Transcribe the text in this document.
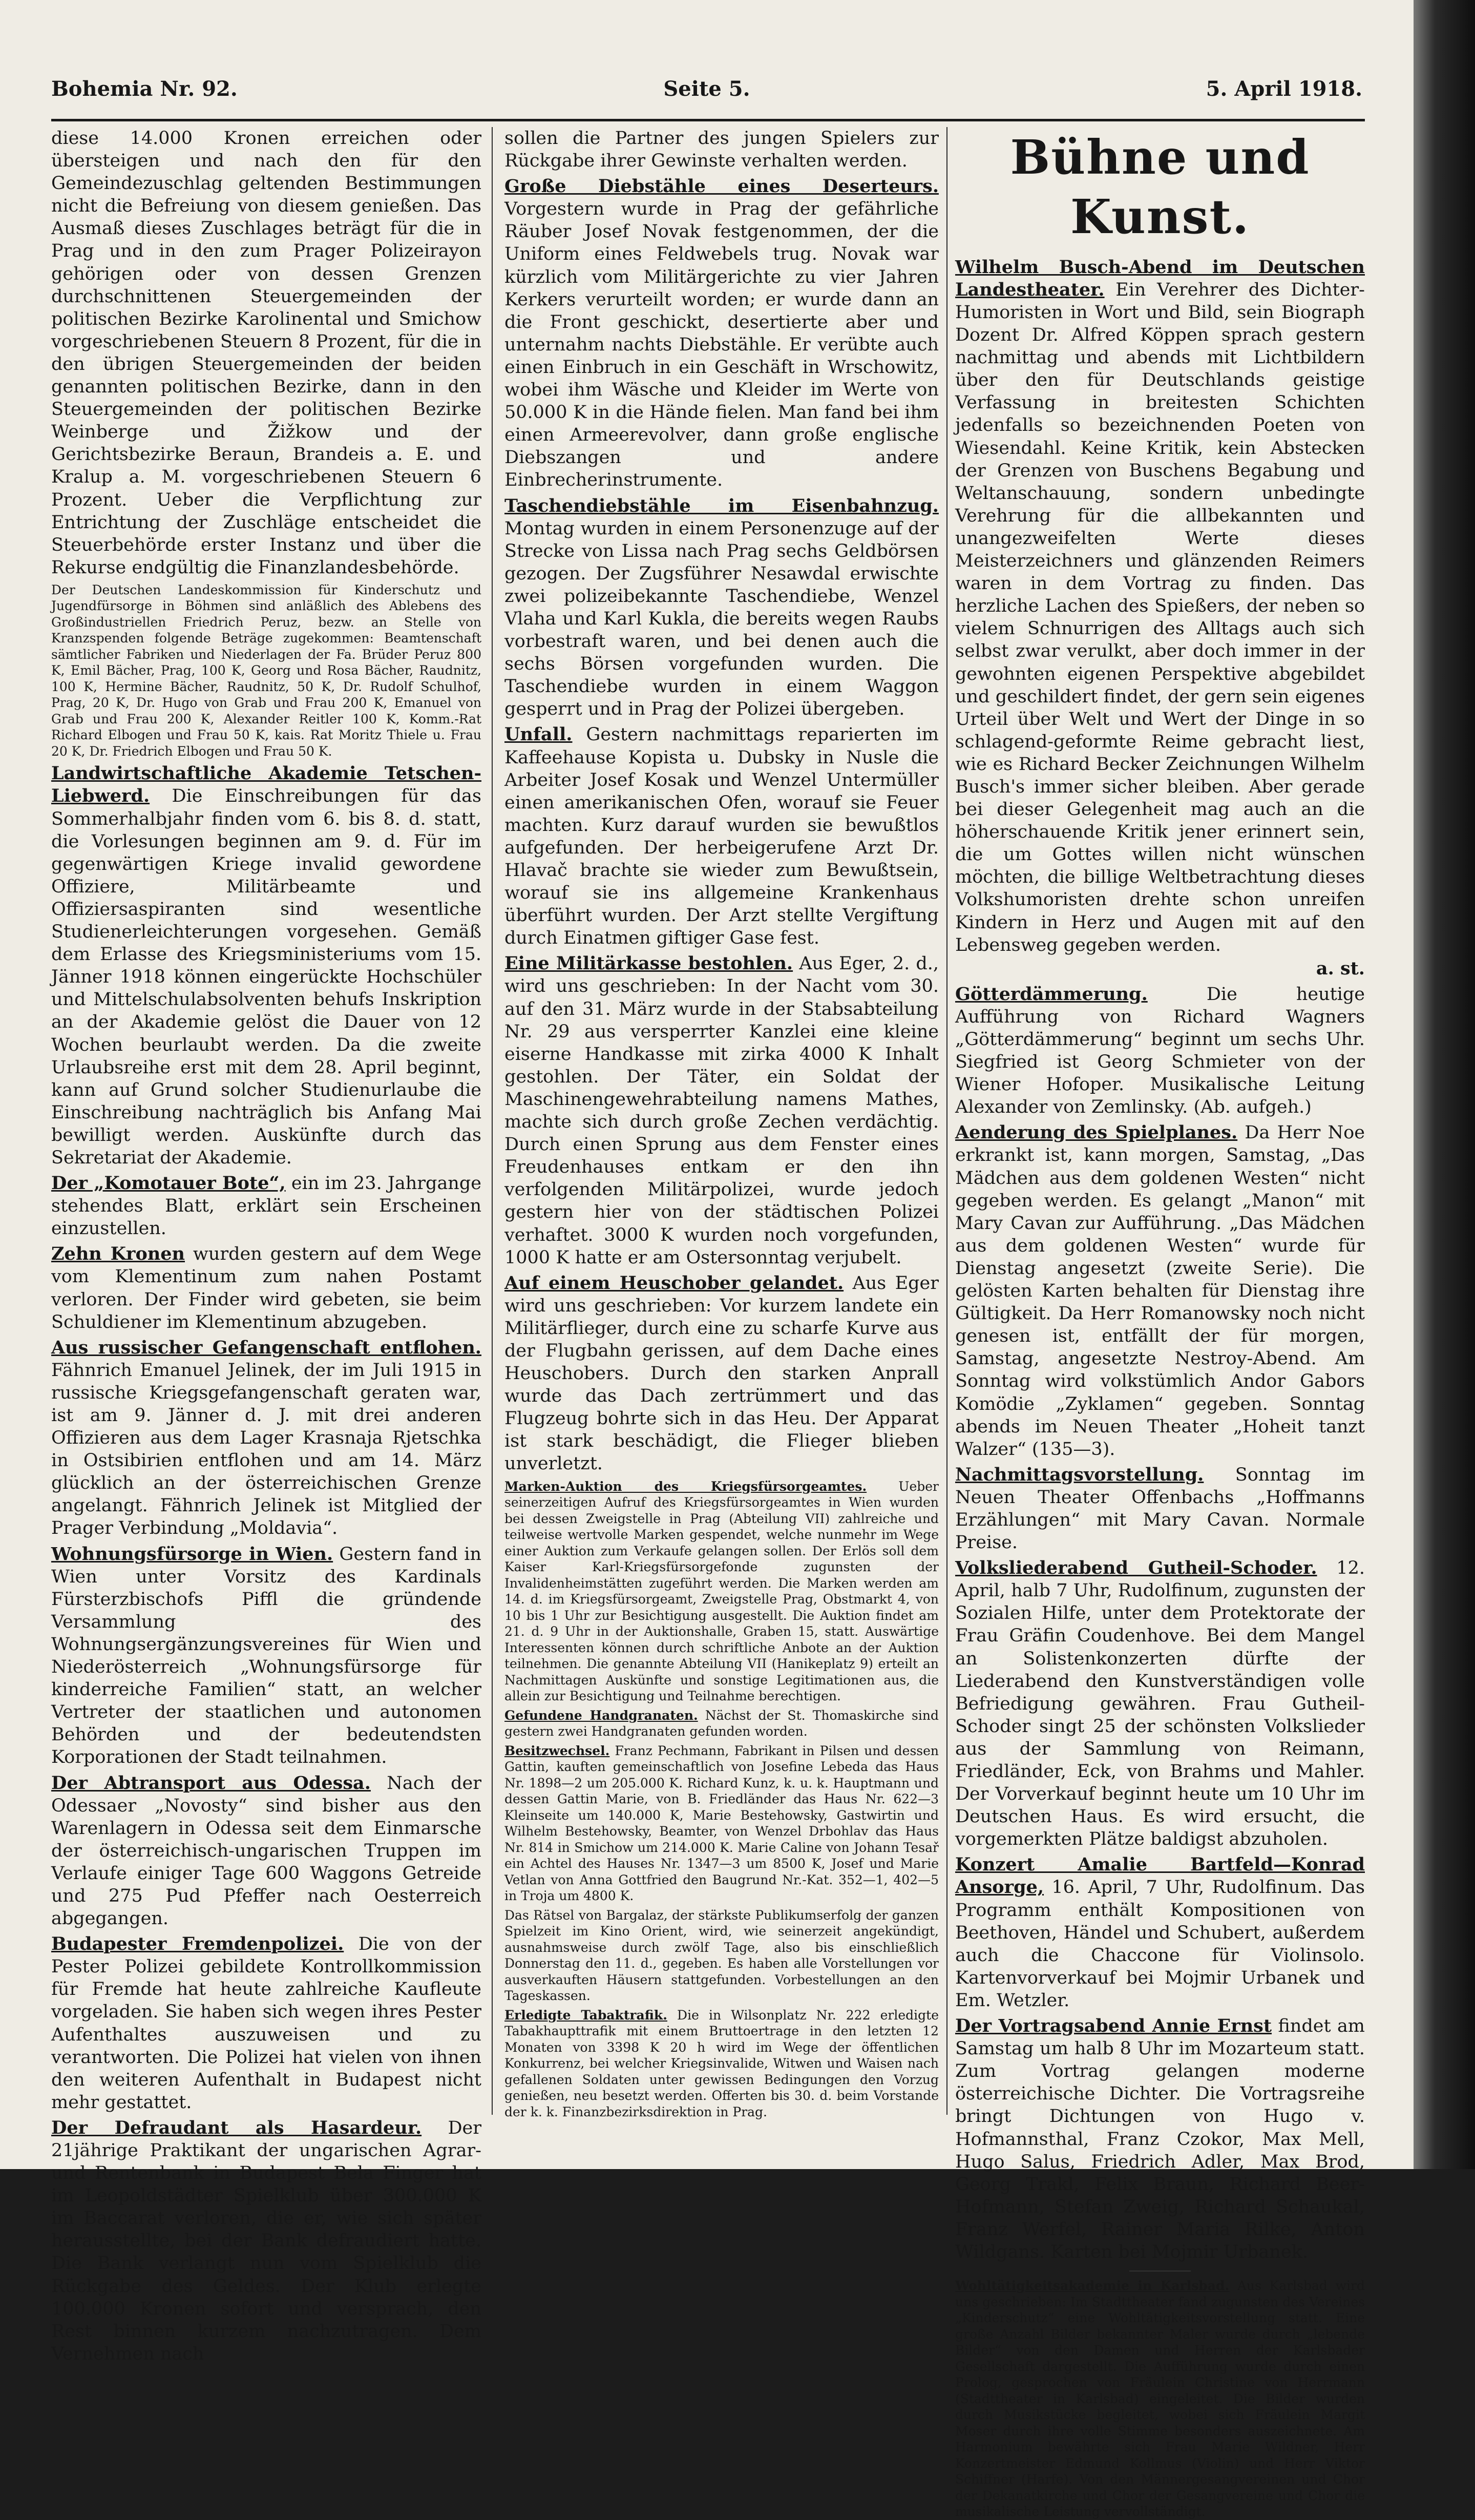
Bohemia Nr. 92.	Seite 5.	5. April 1918.

diese 14.000 Kronen erreichen oder übersteigen und nach den für den Gemeindezuschlag geltenden Bestimmungen nicht die Befreiung von diesem genießen. Das Ausmaß dieses Zuschlages beträgt für die in Prag und in den zum Prager Polizeirayon gehörigen oder von dessen Grenzen durchschnittenen Steuergemeinden der politischen Bezirke Karolinental und Smichow vorgeschriebenen Steuern 8 Prozent, für die in den übrigen Steuergemeinden der beiden genannten politischen Bezirke, dann in den Steuergemeinden der politischen Bezirke Weinberge und Žižkow und der Gerichtsbezirke Beraun, Brandeis a. E. und Kralup a. M. vorgeschriebenen Steuern 6 Prozent. Ueber die Verpflichtung zur Entrichtung der Zuschläge entscheidet die Steuerbehörde erster Instanz und über die Rekurse endgültig die Finanzlandesbehörde.

Der Deutschen Landeskommission für Kinderschutz und Jugendfürsorge in Böhmen sind anläßlich des Ablebens des Großindustriellen Friedrich Peruz, bezw. an Stelle von Kranzspenden folgende Beträge zugekommen: Beamtenschaft sämtlicher Fabriken und Niederlagen der Fa. Brüder Peruz 800 K, Emil Bächer, Prag, 100 K, Georg und Rosa Bächer, Raudnitz, 100 K, Hermine Bächer, Raudnitz, 50 K, Dr. Rudolf Schulhof, Prag, 20 K, Dr. Hugo von Grab und Frau 200 K, Emanuel von Grab und Frau 200 K, Alexander Reitler 100 K, Komm.-Rat Richard Elbogen und Frau 50 K, kais. Rat Moritz Thiele u. Frau 20 K, Dr. Friedrich Elbogen und Frau 50 K.

Landwirtschaftliche Akademie Tetschen-Liebwerd. Die Einschreibungen für das Sommerhalbjahr finden vom 6. bis 8. d. statt, die Vorlesungen beginnen am 9. d. Für im gegenwärtigen Kriege invalid gewordene Offiziere, Militärbeamte und Offiziersaspiranten sind wesentliche Studienerleichterungen vorgesehen. Gemäß dem Erlasse des Kriegsministeriums vom 15. Jänner 1918 können eingerückte Hochschüler und Mittelschulabsolventen behufs Inskription an der Akademie gelöst die Dauer von 12 Wochen beurlaubt werden. Da die zweite Urlaubsreihe erst mit dem 28. April beginnt, kann auf Grund solcher Studienurlaube die Einschreibung nachträglich bis Anfang Mai bewilligt werden. Auskünfte durch das Sekretariat der Akademie.

Der „Komotauer Bote“, ein im 23. Jahrgange stehendes Blatt, erklärt sein Erscheinen einzustellen.

Zehn Kronen wurden gestern auf dem Wege vom Klementinum zum nahen Postamt verloren. Der Finder wird gebeten, sie beim Schuldiener im Klementinum abzugeben.

Aus russischer Gefangenschaft entflohen. Fähnrich Emanuel Jelinek, der im Juli 1915 in russische Kriegsgefangenschaft geraten war, ist am 9. Jänner d. J. mit drei anderen Offizieren aus dem Lager Krasnaja Rjetschka in Ostsibirien entflohen und am 14. März glücklich an der österreichischen Grenze angelangt. Fähnrich Jelinek ist Mitglied der Prager Verbindung „Moldavia“.

Wohnungsfürsorge in Wien. Gestern fand in Wien unter Vorsitz des Kardinals Fürsterzbischofs Piffl die gründende Versammlung des Wohnungsergänzungsvereines für Wien und Niederösterreich „Wohnungsfürsorge für kinderreiche Familien“ statt, an welcher Vertreter der staatlichen und autonomen Behörden und der bedeutendsten Korporationen der Stadt teilnahmen.

Der Abtransport aus Odessa. Nach der Odessaer „Novosty“ sind bisher aus den Warenlagern in Odessa seit dem Einmarsche der österreichisch-ungarischen Truppen im Verlaufe einiger Tage 600 Waggons Getreide und 275 Pud Pfeffer nach Oesterreich abgegangen.

Budapester Fremdenpolizei. Die von der Pester Polizei gebildete Kontrollkommission für Fremde hat heute zahlreiche Kaufleute vorgeladen. Sie haben sich wegen ihres Pester Aufenthaltes auszuweisen und zu verantworten. Die Polizei hat vielen von ihnen den weiteren Aufenthalt in Budapest nicht mehr gestattet.

Der Defraudant als Hasardeur. Der 21jährige Praktikant der ungarischen Agrar- und Rentenbank in Budapest Bela Finger hat im Leopoldstädter Spielklub über 300.000 K im Baccarat verloren, die er, wie sich später herausstellte, bei der Bank defraudiert hatte. Die Bank verlangt nun vom Spielklub die Rückgabe des Geldes. Der Klub erlegte 100.000 Kronen sofort und versprach, den Rest binnen kurzem nachzutragen. Dem Vernehmen nach

sollen die Partner des jungen Spielers zur Rückgabe ihrer Gewinste verhalten werden.

Große Diebstähle eines Deserteurs. Vorgestern wurde in Prag der gefährliche Räuber Josef Novak festgenommen, der die Uniform eines Feldwebels trug. Novak war kürzlich vom Militärgerichte zu vier Jahren Kerkers verurteilt worden; er wurde dann an die Front geschickt, desertierte aber und unternahm nachts Diebstähle. Er verübte auch einen Einbruch in ein Geschäft in Wrschowitz, wobei ihm Wäsche und Kleider im Werte von 50.000 K in die Hände fielen. Man fand bei ihm einen Armeerevolver, dann große englische Diebszangen und andere Einbrecherinstrumente.

Taschendiebstähle im Eisenbahnzug. Montag wurden in einem Personenzuge auf der Strecke von Lissa nach Prag sechs Geldbörsen gezogen. Der Zugsführer Nesawdal erwischte zwei polizeibekannte Taschendiebe, Wenzel Vlaha und Karl Kukla, die bereits wegen Raubs vorbestraft waren, und bei denen auch die sechs Börsen vorgefunden wurden. Die Taschendiebe wurden in einem Waggon gesperrt und in Prag der Polizei übergeben.

Unfall. Gestern nachmittags reparierten im Kaffeehause Kopista u. Dubsky in Nusle die Arbeiter Josef Kosak und Wenzel Untermüller einen amerikanischen Ofen, worauf sie Feuer machten. Kurz darauf wurden sie bewußtlos aufgefunden. Der herbeigerufene Arzt Dr. Hlavač brachte sie wieder zum Bewußtsein, worauf sie ins allgemeine Krankenhaus überführt wurden. Der Arzt stellte Vergiftung durch Einatmen giftiger Gase fest.

Eine Militärkasse bestohlen. Aus Eger, 2. d., wird uns geschrieben: In der Nacht vom 30. auf den 31. März wurde in der Stabsabteilung Nr. 29 aus versperrter Kanzlei eine kleine eiserne Handkasse mit zirka 4000 K Inhalt gestohlen. Der Täter, ein Soldat der Maschinengewehrabteilung namens Mathes, machte sich durch große Zechen verdächtig. Durch einen Sprung aus dem Fenster eines Freudenhauses entkam er den ihn verfolgenden Militärpolizei, wurde jedoch gestern hier von der städtischen Polizei verhaftet. 3000 K wurden noch vorgefunden, 1000 K hatte er am Ostersonntag verjubelt.

Auf einem Heuschober gelandet. Aus Eger wird uns geschrieben: Vor kurzem landete ein Militärflieger, durch eine zu scharfe Kurve aus der Flugbahn gerissen, auf dem Dache eines Heuschobers. Durch den starken Anprall wurde das Dach zertrümmert und das Flugzeug bohrte sich in das Heu. Der Apparat ist stark beschädigt, die Flieger blieben unverletzt.

Marken-Auktion des Kriegsfürsorgeamtes. Ueber seinerzeitigen Aufruf des Kriegsfürsorgeamtes in Wien wurden bei dessen Zweigstelle in Prag (Abteilung VII) zahlreiche und teilweise wertvolle Marken gespendet, welche nunmehr im Wege einer Auktion zum Verkaufe gelangen sollen. Der Erlös soll dem Kaiser Karl-Kriegsfürsorgefonde zugunsten der Invalidenheimstätten zugeführt werden. Die Marken werden am 14. d. im Kriegsfürsorgeamt, Zweigstelle Prag, Obstmarkt 4, von 10 bis 1 Uhr zur Besichtigung ausgestellt. Die Auktion findet am 21. d. 9 Uhr in der Auktionshalle, Graben 15, statt. Auswärtige Interessenten können durch schriftliche Anbote an der Auktion teilnehmen. Die genannte Abteilung VII (Hanikeplatz 9) erteilt an Nachmittagen Auskünfte und sonstige Legitimationen aus, die allein zur Besichtigung und Teilnahme berechtigen.

Gefundene Handgranaten. Nächst der St. Thomaskirche sind gestern zwei Handgranaten gefunden worden.

Besitzwechsel. Franz Pechmann, Fabrikant in Pilsen und dessen Gattin, kauften gemeinschaftlich von Josefine Lebeda das Haus Nr. 1898—2 um 205.000 K. Richard Kunz, k. u. k. Hauptmann und dessen Gattin Marie, von B. Friedländer das Haus Nr. 622—3 Kleinseite um 140.000 K, Marie Bestehowsky, Gastwirtin und Wilhelm Bestehowsky, Beamter, von Wenzel Drbohlav das Haus Nr. 814 in Smichow um 214.000 K. Marie Caline von Johann Tesař ein Achtel des Hauses Nr. 1347—3 um 8500 K, Josef und Marie Vetlan von Anna Gottfried den Baugrund Nr.-Kat. 352—1, 402—5 in Troja um 4800 K.

Das Rätsel von Bargalaz, der stärkste Publikumserfolg der ganzen Spielzeit im Kino Orient, wird, wie seinerzeit angekündigt, ausnahmsweise durch zwölf Tage, also bis einschließlich Donnerstag den 11. d., gegeben. Es haben alle Vorstellungen vor ausverkauften Häusern stattgefunden. Vorbestellungen an den Tageskassen.

Erledigte Tabaktrafik. Die in Wilsonplatz Nr. 222 erledigte Tabakhaupttrafik mit einem Bruttoertrage in den letzten 12 Monaten von 3398 K 20 h wird im Wege der öffentlichen Konkurrenz, bei welcher Kriegsinvalide, Witwen und Waisen nach gefallenen Soldaten unter gewissen Bedingungen den Vorzug genießen, neu besetzt werden. Offerten bis 30. d. beim Vorstande der k. k. Finanzbezirksdirektion in Prag.

Bühne und Kunst.

Wilhelm Busch-Abend im Deutschen Landestheater. Ein Verehrer des Dichter-Humoristen in Wort und Bild, sein Biograph Dozent Dr. Alfred Köppen sprach gestern nachmittag und abends mit Lichtbildern über den für Deutschlands geistige Verfassung in breitesten Schichten jedenfalls so bezeichnenden Poeten von Wiesendahl. Keine Kritik, kein Abstecken der Grenzen von Buschens Begabung und Weltanschauung, sondern unbedingte Verehrung für die allbekannten und unangezweifelten Werte dieses Meisterzeichners und glänzenden Reimers waren in dem Vortrag zu finden. Das herzliche Lachen des Spießers, der neben so vielem Schnurrigen des Alltags auch sich selbst zwar verulkt, aber doch immer in der gewohnten eigenen Perspektive abgebildet und geschildert findet, der gern sein eigenes Urteil über Welt und Wert der Dinge in so schlagend-geformte Reime gebracht liest, wie es Richard Becker Zeichnungen Wilhelm Busch's immer sicher bleiben. Aber gerade bei dieser Gelegenheit mag auch an die höherschauende Kritik jener erinnert sein, die um Gottes willen nicht wünschen möchten, die billige Weltbetrachtung dieses Volkshumoristen drehte schon unreifen Kindern in Herz und Augen mit auf den Lebensweg gegeben werden.

a. st.

Götterdämmerung.	Die heutige Aufführung von Richard Wagners „Götterdämmerung“ beginnt um sechs Uhr. Siegfried ist Georg Schmieter von der Wiener Hofoper. Musikalische Leitung Alexander von Zemlinsky. (Ab. aufgeh.)

Aenderung des Spielplanes. Da Herr Noe erkrankt ist, kann morgen, Samstag, „Das Mädchen aus dem goldenen Westen“ nicht gegeben werden. Es gelangt „Manon“ mit Mary Cavan zur Aufführung. „Das Mädchen aus dem goldenen Westen“ wurde für Dienstag angesetzt (zweite Serie). Die gelösten Karten behalten für Dienstag ihre Gültigkeit. Da Herr Romanowsky noch nicht genesen ist, entfällt der für morgen, Samstag, angesetzte Nestroy-Abend. Am Sonntag wird volkstümlich Andor Gabors Komödie „Zyklamen“ gegeben. Sonntag abends im Neuen Theater „Hoheit tanzt Walzer“ (135—3).

Nachmittagsvorstellung. Sonntag im Neuen Theater Offenbachs „Hoffmanns Erzählungen“ mit Mary Cavan. Normale Preise.

Volksliederabend Gutheil-Schoder. 12. April, halb 7 Uhr, Rudolfinum, zugunsten der Sozialen Hilfe, unter dem Protektorate der Frau Gräfin Coudenhove. Bei dem Mangel an Solistenkonzerten dürfte der Liederabend den Kunstverständigen volle Befriedigung gewähren. Frau Gutheil-Schoder singt 25 der schönsten Volkslieder aus der Sammlung von Reimann, Friedländer, Eck, von Brahms und Mahler. Der Vorverkauf beginnt heute um 10 Uhr im Deutschen Haus. Es wird ersucht, die vorgemerkten Plätze baldigst abzuholen.

Konzert Amalie Bartfeld—Konrad Ansorge, 16. April, 7 Uhr, Rudolfinum. Das Programm enthält Kompositionen von Beethoven, Händel und Schubert, außerdem auch die Chaccone für Violinsolo. Kartenvorverkauf bei Mojmir Urbanek und Em. Wetzler.

Der Vortragsabend Annie Ernst findet am Samstag um halb 8 Uhr im Mozarteum statt. Zum Vortrag gelangen moderne österreichische Dichter. Die Vortragsreihe bringt Dichtungen von Hugo v. Hofmannsthal, Franz Czokor, Max Mell, Hugo Salus, Friedrich Adler, Max Brod, Georg Trakl, Felix Braun, Richard Beer-Hofmann, Stefan Zweig, Richard Schaukal, Franz Werfel, Rainer Maria Rilke, Anton Wildgans. Karten bei Mojmir Urbanek.

Wohltätigkeitsakademie in Karlsbad. Aus Karlsbad wird uns geschrieben: Im Stadttheater fand zugunsten des Vereines „Kinderschutz“ eine Wohltätigkeitsvorstellung statt. Eine große Anzahl Bilder bekannter Maler wurde durch „lebende Bilder“ von den Damen und Herren der Karlsbader Gesellschaft dargestellt. Die Aufführung wurde durch einen Prolog, gesprochen von Fräulein Christine von Herrmann (Stadttheater in Karlsbad) eingeleitet. Die Bilder wurden durch Musikstücke begleitet, wobei sich Fräulein Margit Moser durch ihre volle Stimme besonders auszeichnete. Am Harmonium bewährte sich Frau Marie Wildner, Herr Konzertmeister Edmund Kollmus (Violin) und Herr Viktor Schiffner (Harfe). Von den Männergesangvereinen und Chor der Dekanatkirche und Chor der Gesangvereine und Chor die musikalische Leistung vervollständigt.
